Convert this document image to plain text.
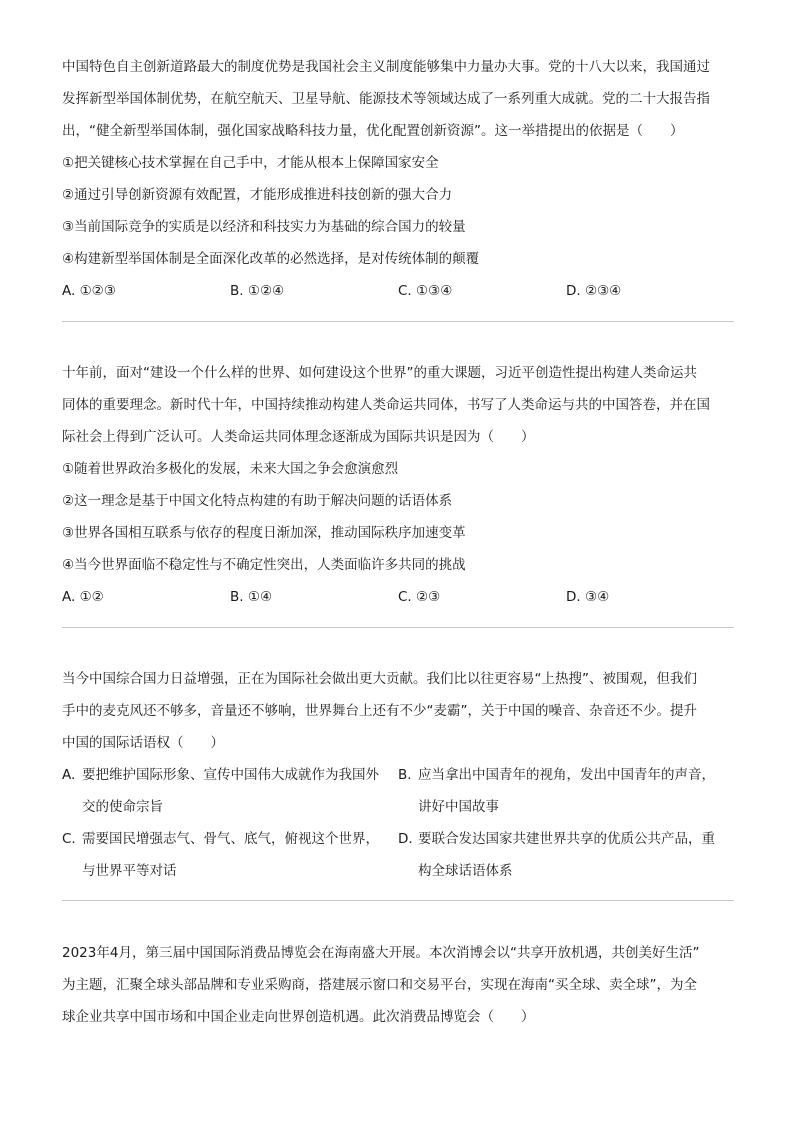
中国特色自主创新道路最大的制度优势是我国社会主义制度能够集中力量办大事。党的十八大以来，我国通过
发挥新型举国体制优势，在航空航天、卫星导航、能源技术等领域达成了一系列重大成就。党的二十大报告指
出，“健全新型举国体制，强化国家战略科技力量，优化配置创新资源”。这一举措提出的依据是（　　）
①把关键核心技术掌握在自己手中，才能从根本上保障国家安全
②通过引导创新资源有效配置，才能形成推进科技创新的强大合力
③当前国际竞争的实质是以经济和科技实力为基础的综合国力的较量
④构建新型举国体制是全面深化改革的必然选择，是对传统体制的颠覆
A. ①②③	B. ①②④	C. ①③④	D. ②③④
十年前，面对“建设一个什么样的世界、如何建设这个世界”的重大课题，习近平创造性提出构建人类命运共
同体的重要理念。新时代十年，中国持续推动构建人类命运共同体，书写了人类命运与共的中国答卷，并在国
际社会上得到广泛认可。人类命运共同体理念逐渐成为国际共识是因为（　　）
①随着世界政治多极化的发展，未来大国之争会愈演愈烈
②这一理念是基于中国文化特点构建的有助于解决问题的话语体系
③世界各国相互联系与依存的程度日渐加深，推动国际秩序加速变革
④当今世界面临不稳定性与不确定性突出，人类面临许多共同的挑战
A. ①②	B. ①④	C. ②③	D. ③④
当今中国综合国力日益增强，正在为国际社会做出更大贡献。我们比以往更容易“上热搜”、被围观，但我们
手中的麦克风还不够多，音量还不够响，世界舞台上还有不少“麦霸”，关于中国的噪音、杂音还不少。提升
中国的国际话语权（　　）
A. 要把维护国际形象、宣传中国伟大成就作为我国外
交的使命宗旨
B. 应当拿出中国青年的视角，发出中国青年的声音，
讲好中国故事
C. 需要国民增强志气、骨气、底气，俯视这个世界，
与世界平等对话
D. 要联合发达国家共建世界共享的优质公共产品，重
构全球话语体系
2023年4月，第三届中国国际消费品博览会在海南盛大开展。本次消博会以“共享开放机遇，共创美好生活”
为主题，汇聚全球头部品牌和专业采购商，搭建展示窗口和交易平台，实现在海南“买全球、卖全球”，为全
球企业共享中国市场和中国企业走向世界创造机遇。此次消费品博览会（　　）
